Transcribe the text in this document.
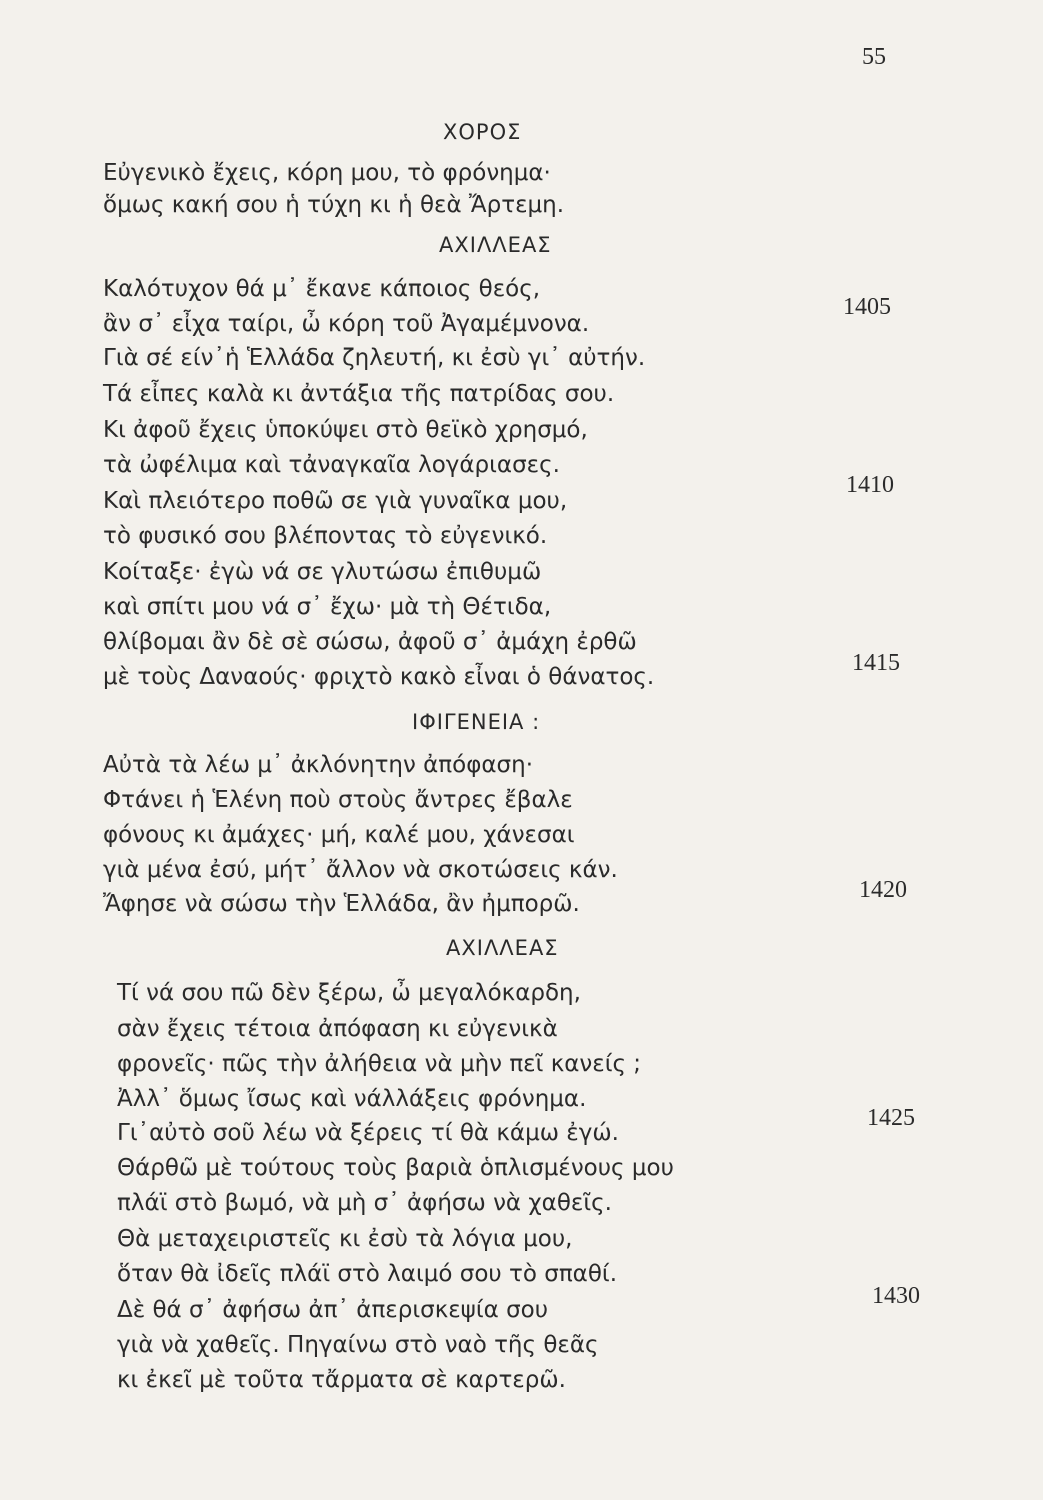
55
ΧΟΡΟΣ
Εὐγενικὸ ἔχεις, κόρη μου, τὸ φρόνημα·
ὅμως κακή σου ἡ τύχη κι ἡ θεὰ Ἄρτεμη.
ΑΧΙΛΛΕΑΣ
Καλότυχον θά μ᾿ ἔκανε κάποιος θεός,
ἂν σ᾿ εἶχα ταίρι, ὦ κόρη τοῦ Ἀγαμέμνονα.
Γιὰ σέ είν᾿ἡ Ἑλλάδα ζηλευτή, κι ἐσὺ γι᾿ αὐτήν.
Τά εἶπες καλὰ κι ἀντάξια τῆς πατρίδας σου.
Κι ἀφοῦ ἔχεις ὑποκύψει στὸ θεϊκὸ χρησμό,
τὰ ὠφέλιμα καὶ τἀναγκαῖα λογάριασες.
Καὶ πλειότερο ποθῶ σε γιὰ γυναῖκα μου,
τὸ φυσικό σου βλέποντας τὸ εὐγενικό.
Κοίταξε· ἐγὼ νά σε γλυτώσω ἐπιθυμῶ
καὶ σπίτι μου νά σ᾿ ἔχω· μὰ τὴ Θέτιδα,
θλίβομαι ἂν δὲ σὲ σώσω, ἀφοῦ σ᾿ ἀμάχη ἐρθῶ
μὲ τοὺς Δαναούς· φριχτὸ κακὸ εἶναι ὁ θάνατος.
ΙΦΙΓΕΝΕΙΑ :
Αὐτὰ τὰ λέω μ᾿ ἀκλόνητην ἀπόφαση·
Φτάνει ἡ Ἑλένη ποὺ στοὺς ἄντρες ἔβαλε
φόνους κι ἀμάχες· μή, καλέ μου, χάνεσαι
γιὰ μένα ἐσύ, μήτ᾿ ἄλλον νὰ σκοτώσεις κάν.
Ἄφησε νὰ σώσω τὴν Ἑλλάδα, ἂν ἠμπορῶ.
ΑΧΙΛΛΕΑΣ
Τί νά σου πῶ δὲν ξέρω, ὦ μεγαλόκαρδη,
σὰν ἔχεις τέτοια ἀπόφαση κι εὐγενικὰ
φρονεῖς· πῶς τὴν ἀλήθεια νὰ μὴν πεῖ κανείς ;
Ἀλλ᾿ ὅμως ἴσως καὶ νάλλάξεις φρόνημα.
Γι᾿αὐτὸ σοῦ λέω νὰ ξέρεις τί θὰ κάμω ἐγώ.
Θάρθῶ μὲ τούτους τοὺς βαριὰ ὁπλισμένους μου
πλάϊ στὸ βωμό, νὰ μὴ σ᾿ ἀφήσω νὰ χαθεῖς.
Θὰ μεταχειριστεῖς κι ἐσὺ τὰ λόγια μου,
ὅταν θὰ ἰδεῖς πλάϊ στὸ λαιμό σου τὸ σπαθί.
Δὲ θά σ᾿ ἀφήσω ἀπ᾿ ἀπερισκεψία σου
γιὰ νὰ χαθεῖς. Πηγαίνω στὸ ναὸ τῆς θεᾶς
κι ἐκεῖ μὲ τοῦτα τἄρματα σὲ καρτερῶ.
1405
1410
1415
1420
1425
1430
